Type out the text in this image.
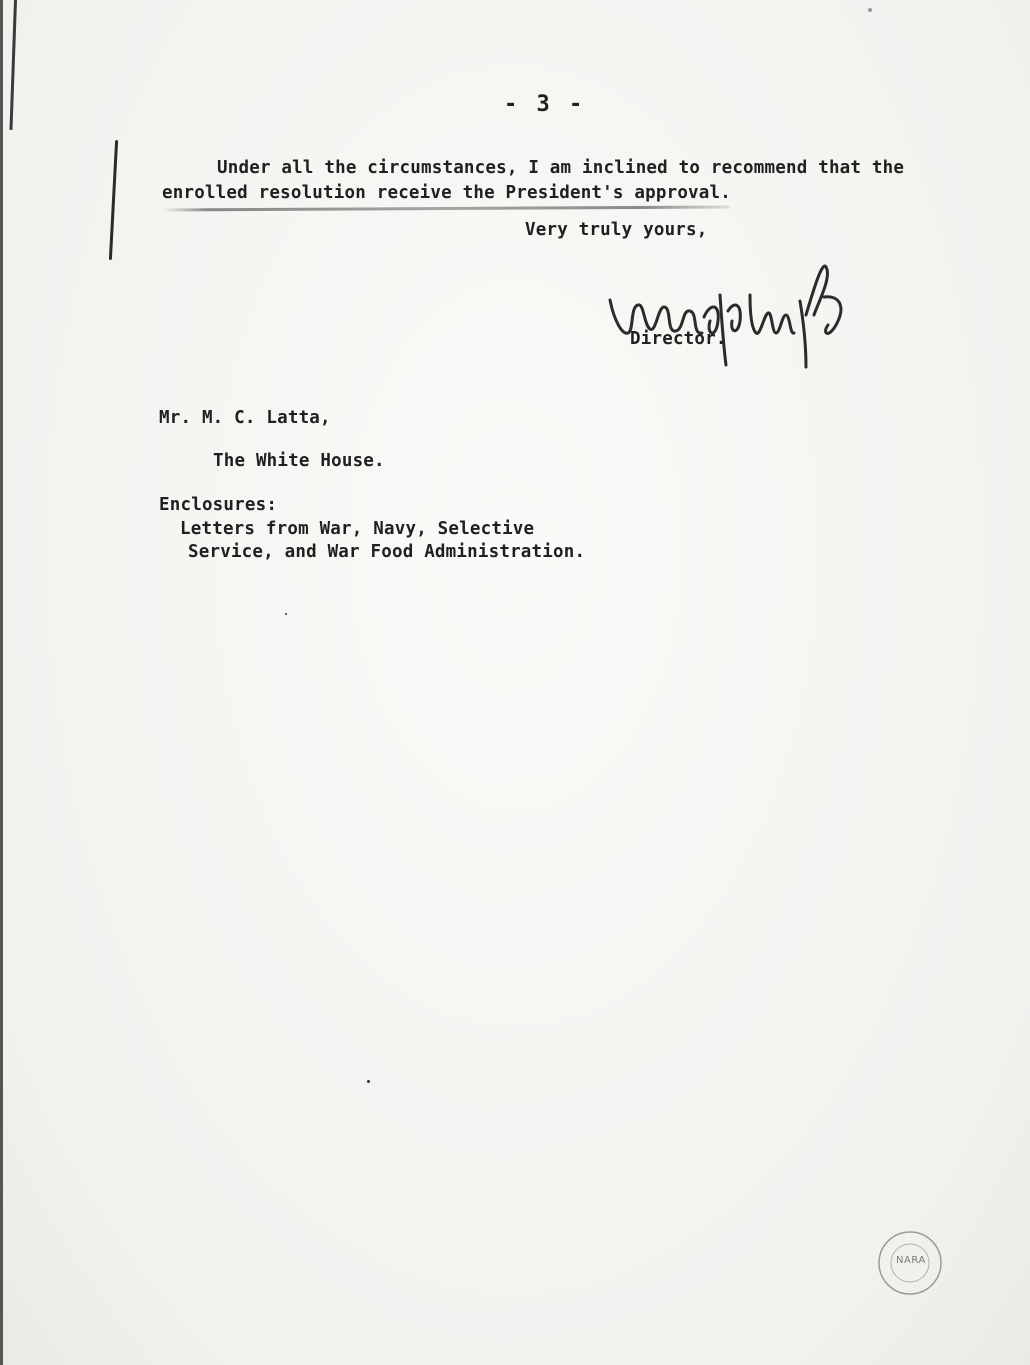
- 3 -
Under all the circumstances, I am inclined to recommend that the
enrolled resolution receive the President's approval.
Very truly yours,
Director.
Mr. M. C. Latta,
The White House.
Enclosures:
Letters from War, Navy, Selective
Service, and War Food Administration.
NARA
